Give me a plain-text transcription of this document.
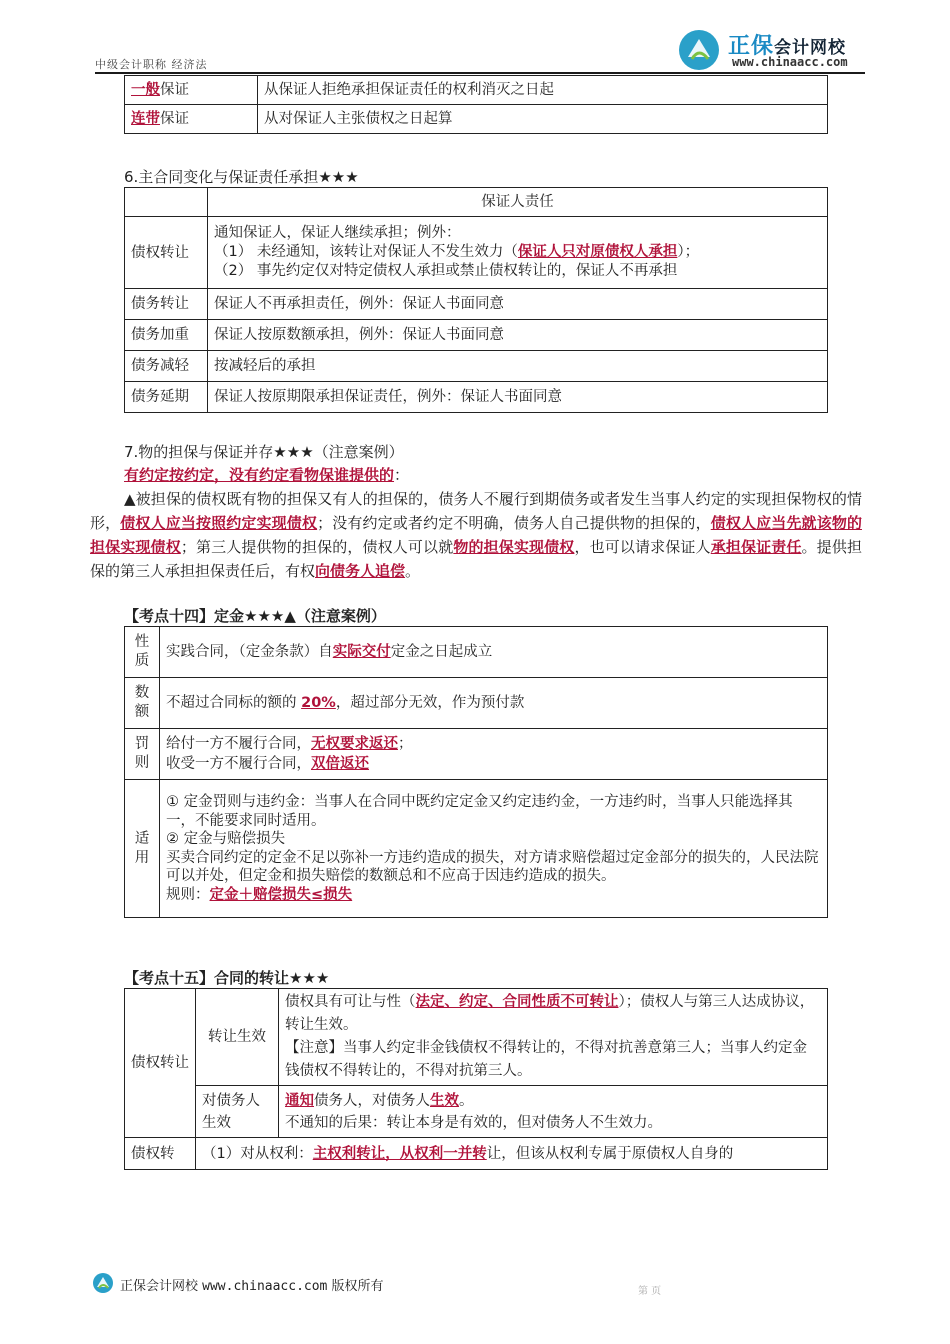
中级会计职称 经济法
正保会计网校
www.chinaacc.com
一般保证	从保证人拒绝承担保证责任的权利消灭之日起
连带保证	从对保证人主张债权之日起算
6.主合同变化与保证责任承担★★★
	保证人责任
债权转让	通知保证人，保证人继续承担；例外：
（1） 未经通知，该转让对保证人不发生效力（保证人只对原债权人承担）；
（2） 事先约定仅对特定债权人承担或禁止债权转让的，保证人不再承担

债务转让	保证人不再承担责任，例外：保证人书面同意
债务加重	保证人按原数额承担，例外：保证人书面同意
债务减轻	按减轻后的承担
债务延期	保证人按原期限承担保证责任，例外：保证人书面同意
7.物的担保与保证并存★★★（注意案例）
有约定按约定，没有约定看物保谁提供的：
▲被担保的债权既有物的担保又有人的担保的，债务人不履行到期债务或者发生当事人约定的实现担保物权的情形，债权人应当按照约定实现债权；没有约定或者约定不明确，债务人自己提供物的担保的，债权人应当先就该物的担保实现债权；第三人提供物的担保的，债权人可以就物的担保实现债权，也可以请求保证人承担保证责任。提供担保的第三人承担担保责任后，有权向债务人追偿。
【考点十四】定金★★★▲（注意案例）
性质	实践合同，（定金条款）自实际交付定金之日起成立
数额	不超过合同标的额的 20%，超过部分无效，作为预付款
罚则	给付一方不履行合同，无权要求返还；
收受一方不履行合同，双倍返还

适用	① 定金罚则与违约金：当事人在合同中既约定定金又约定违约金，一方违约时，当事人只能选择其一，不能要求同时适用。
② 定金与赔偿损失
买卖合同约定的定金不足以弥补一方违约造成的损失，对方请求赔偿超过定金部分的损失的，人民法院可以并处，但定金和损失赔偿的数额总和不应高于因违约造成的损失。
规则：定金＋赔偿损失≤损失
【考点十五】合同的转让★★★
债权转让	转让生效	债权具有可让与性（法定、约定、合同性质不可转让）；债权人与第三人达成协议，转让生效。
【注意】当事人约定非金钱债权不得转让的，不得对抗善意第三人；当事人约定金钱债权不得转让的，不得对抗第三人。

	对债务人生效	通知债务人，对债务人生效。
不通知的后果：转让本身是有效的，但对债务人不生效力。

债权转	（1）对从权利：主权利转让，从权利一并转让，但该从权利专属于原债权人自身的	
正保会计网校 www.chinaacc.com 版权所有	第 页
